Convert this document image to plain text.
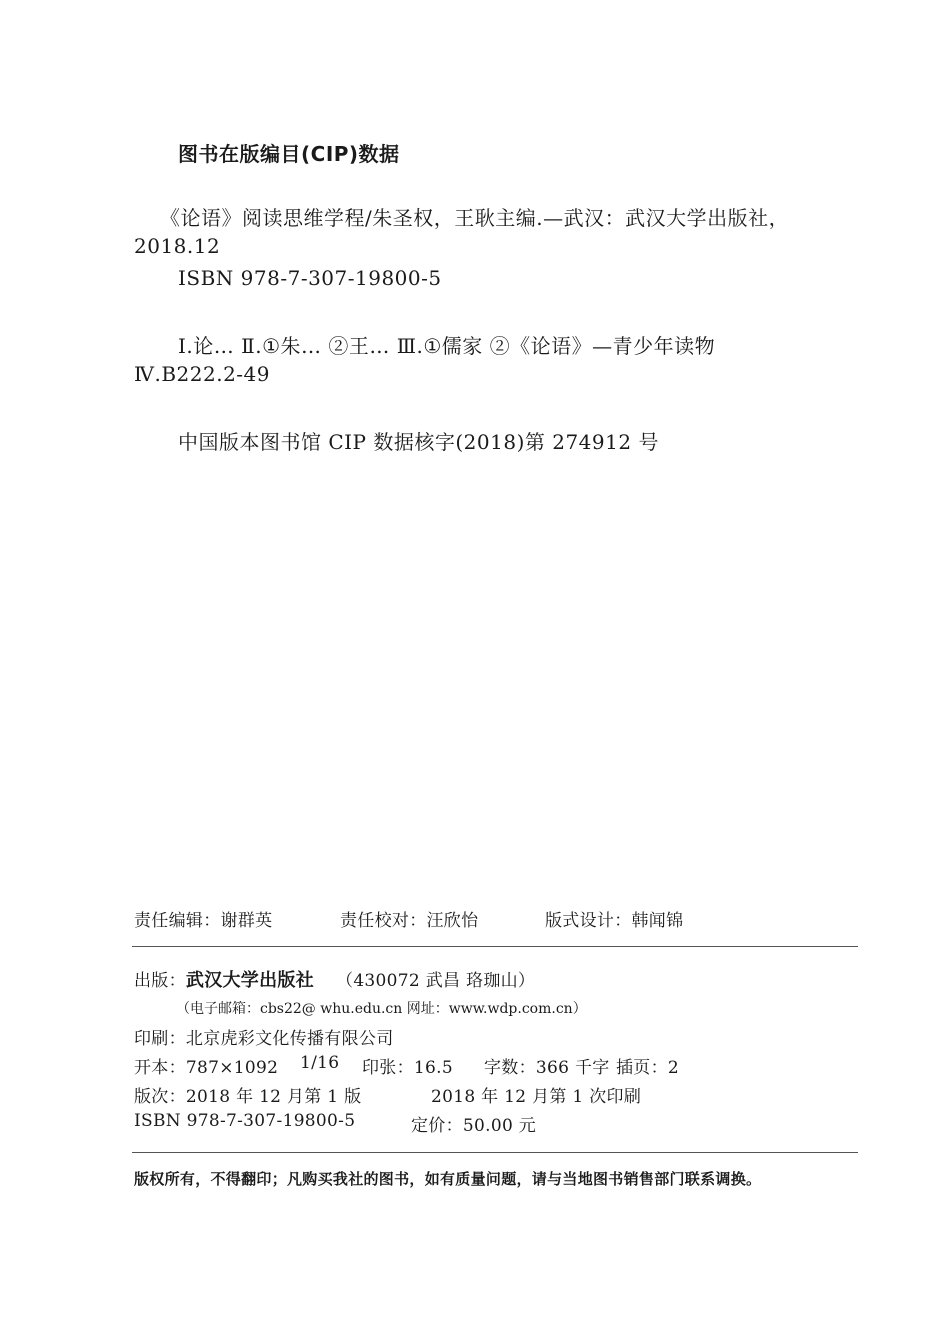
图书在版编目(CIP)数据
《论语》阅读思维学程/朱圣权，王耿主编.—武汉：武汉大学出版社，
2018.12
ISBN 978-7-307-19800-5
Ⅰ.论… Ⅱ.①朱… ②王… Ⅲ.①儒家 ②《论语》—青少年读物
Ⅳ.B222.2-49
中国版本图书馆 CIP 数据核字(2018)第 274912 号
责任编辑：谢群英	责任校对：汪欣怡	版式设计：韩闻锦
出版：武汉大学出版社 （430072 武昌 珞珈山）
（电子邮箱：cbs22@ whu.edu.cn 网址：www.wdp.com.cn）
印刷：北京虎彩文化传播有限公司
开本：787×1092 1/16 印张：16.5 字数：366 千字 插页：2
版次：2018 年 12 月第 1 版	2018 年 12 月第 1 次印刷
ISBN 978-7-307-19800-5	定价：50.00 元
版权所有，不得翻印；凡购买我社的图书，如有质量问题，请与当地图书销售部门联系调换。
